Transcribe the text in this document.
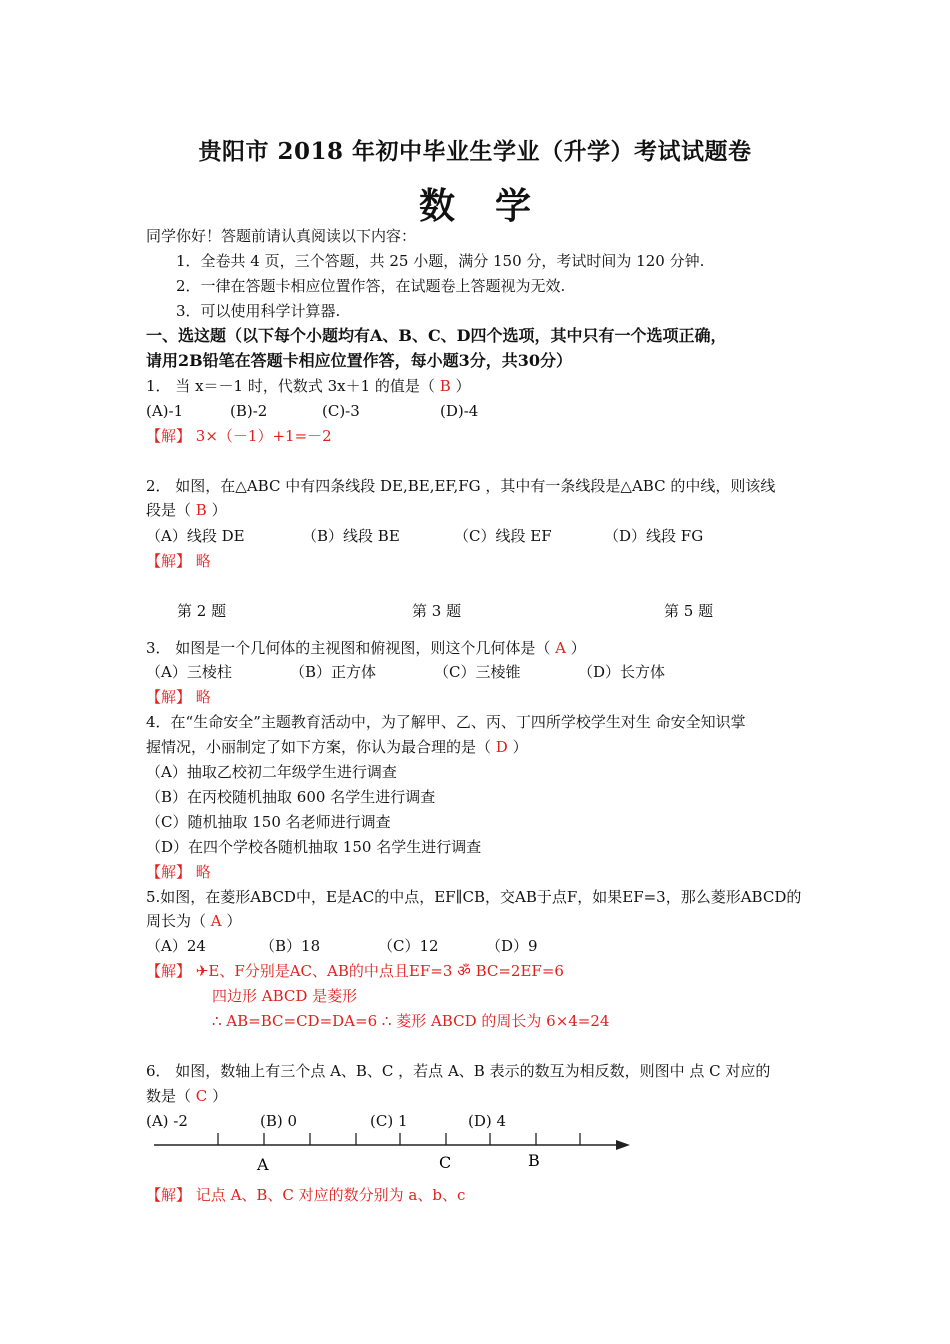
贵阳市 2018 年初中毕业生学业（升学）考试试题卷
数学
同学你好！答题前请认真阅读以下内容：
1．全卷共 4 页，三个答题，共 25 小题，满分 150 分，考试时间为 120 分钟.
2．一律在答题卡相应位置作答，在试题卷上答题视为无效.
3．可以使用科学计算器.
一、选这题（以下每个小题均有A、B、C、D四个选项，其中只有一个选项正确，
请用2B铅笔在答题卡相应位置作答，每小题3分，共30分）
1． 当 x＝－1 时，代数式 3x＋1 的值是（ B ）
(A)-1	(B)-2	(C)-3	(D)-4
【解】 3×（－1）+1=－2
2． 如图，在△ABC 中有四条线段 DE,BE,EF,FG ，其中有一条线段是△ABC 的中线，则该线
段是（ B ）
（A）线段 DE	（B）线段 BE	（C）线段 EF	（D）线段 FG
【解】 略
第 2 题	第 3 题	第 5 题
3． 如图是一个几何体的主视图和俯视图，则这个几何体是（ A ）
（A）三棱柱	（B）正方体	（C）三棱锥	（D）长方体
【解】 略
4．在“生命安全”主题教育活动中，为了解甲、乙、丙、丁四所学校学生对生 命安全知识掌
握情况，小丽制定了如下方案，你认为最合理的是（ D ）
（A）抽取乙校初二年级学生进行调查
（B）在丙校随机抽取 600 名学生进行调查
（C）随机抽取 150 名老师进行调查
（D）在四个学校各随机抽取 150 名学生进行调查
【解】 略
5.如图，在菱形ABCD中，E是AC的中点，EF∥CB，交AB于点F，如果EF=3，那么菱形ABCD的
周长为（ A ）
（A）24	（B）18	（C）12	（D）9
【解】 ✈E、F分别是AC、AB的中点且EF=3 ॐ BC=2EF=6
四边形 ABCD 是菱形
∴ AB=BC=CD=DA=6 ∴ 菱形 ABCD 的周长为 6×4=24
6． 如图，数轴上有三个点 A、B、C ，若点 A、B 表示的数互为相反数，则图中 点 C 对应的
数是（ C ）
(A) -2	(B) 0	(C) 1	(D) 4
A	C	B
【解】 记点 A、B、C 对应的数分别为 a、b、c
